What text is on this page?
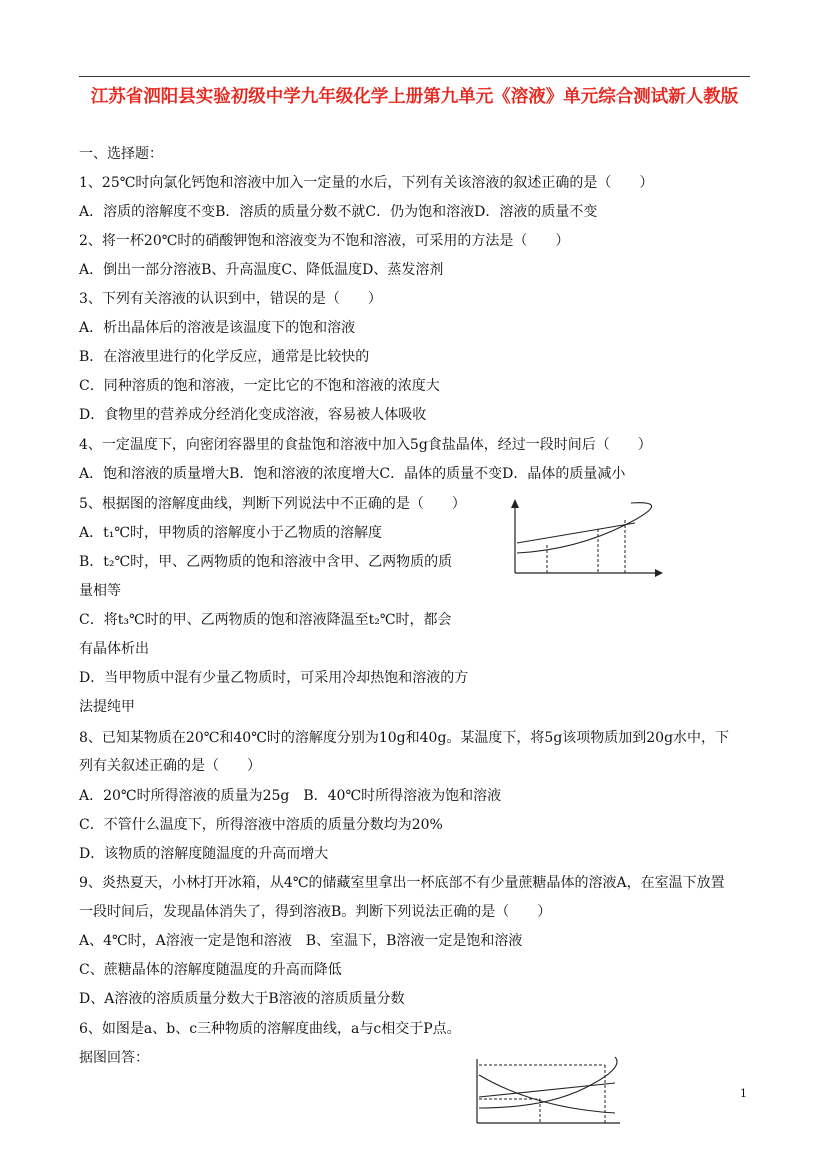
江苏省泗阳县实验初级中学九年级化学上册第九单元《溶液》单元综合测试新人教版
一、选择题：
1、25℃时向氯化钙饱和溶液中加入一定量的水后，下列有关该溶液的叙述正确的是（　　）
A．溶质的溶解度不变B．溶质的质量分数不就C．仍为饱和溶液D．溶液的质量不变
2、将一杯20℃时的硝酸钾饱和溶液变为不饱和溶液，可采用的方法是（　　）
A．倒出一部分溶液B、升高温度C、降低温度D、蒸发溶剂
3、下列有关溶液的认识到中，错误的是（　　）
A．析出晶体后的溶液是该温度下的饱和溶液
B．在溶液里进行的化学反应，通常是比较快的
C．同种溶质的饱和溶液，一定比它的不饱和溶液的浓度大
D．食物里的营养成分经消化变成溶液，容易被人体吸收
4、一定温度下，向密闭容器里的食盐饱和溶液中加入5g食盐晶体，经过一段时间后（　　）
A．饱和溶液的质量增大B．饱和溶液的浓度增大C．晶体的质量不变D．晶体的质量减小
5、根据图的溶解度曲线，判断下列说法中不正确的是（　　）
A．t₁℃时，甲物质的溶解度小于乙物质的溶解度
B．t₂℃时，甲、乙两物质的饱和溶液中含甲、乙两物质的质
量相等
C．将t₃℃时的甲、乙两物质的饱和溶液降温至t₂℃时，都会
有晶体析出
D．当甲物质中混有少量乙物质时，可采用冷却热饱和溶液的方
法提纯甲
8、已知某物质在20℃和40℃时的溶解度分别为10g和40g。某温度下，将5g该项物质加到20g水中，下
列有关叙述正确的是（　　）
A．20℃时所得溶液的质量为25g　B．40℃时所得溶液为饱和溶液
C．不管什么温度下，所得溶液中溶质的质量分数均为20%
D．该物质的溶解度随温度的升高而增大
9、炎热夏天，小林打开冰箱，从4℃的储藏室里拿出一杯底部不有少量蔗糖晶体的溶液A，在室温下放置
一段时间后，发现晶体消失了，得到溶液B。判断下列说法正确的是（　　）
A、4℃时，A溶液一定是饱和溶液　B、室温下，B溶液一定是饱和溶液
C、蔗糖晶体的溶解度随温度的升高而降低
D、A溶液的溶质质量分数大于B溶液的溶质质量分数
6、如图是a、b、c三种物质的溶解度曲线，a与c相交于P点。
据图回答：
1
